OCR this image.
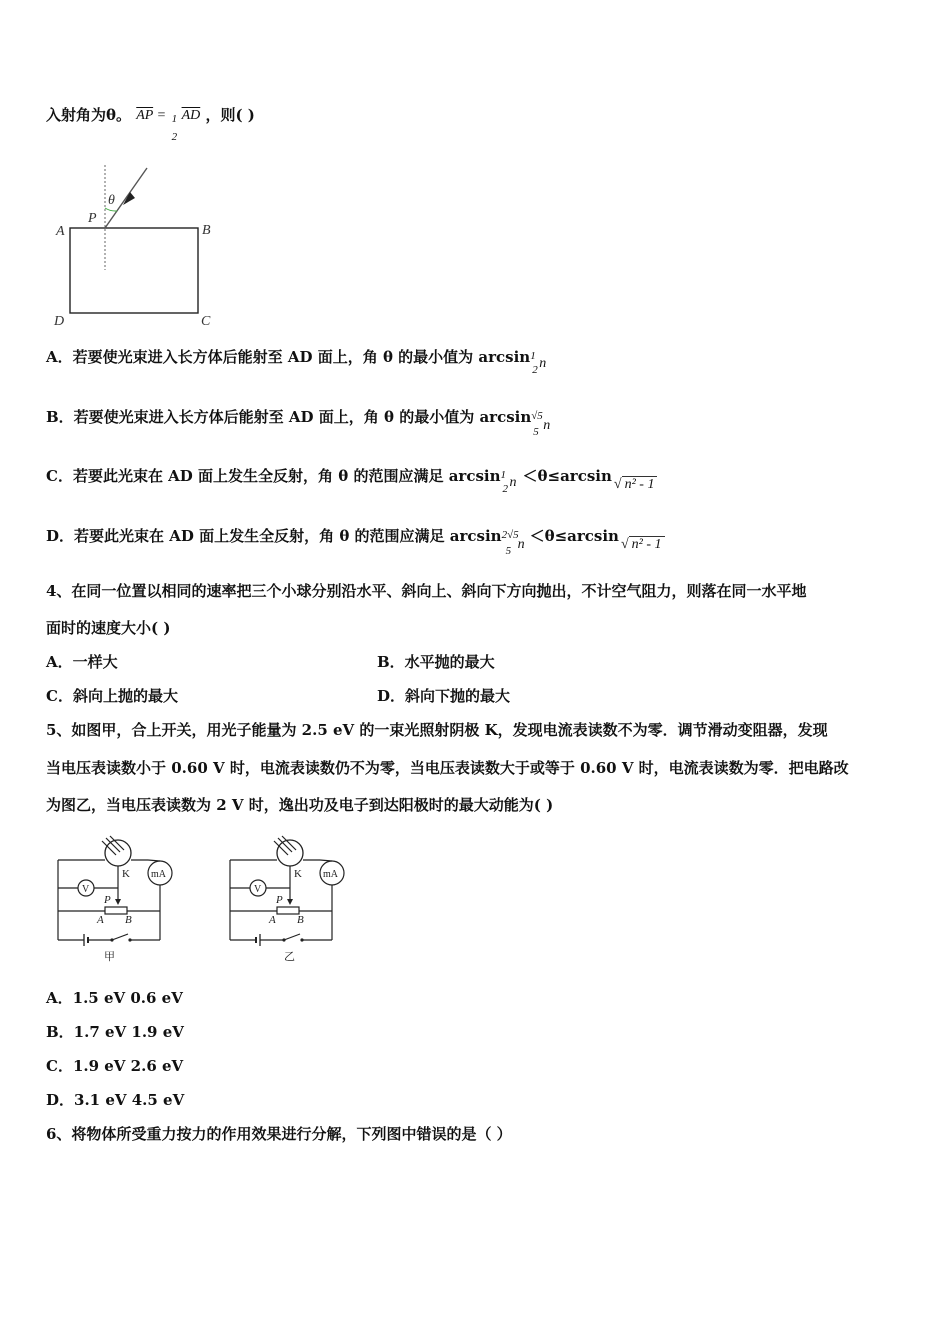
入射角为θ。 $\overline{AP} = 1$
2
$\overline{AD}$ ，则( )
θ
P
A	B
D	C
A．若要使光束进入长方体后能射至 AD 面上，角 θ 的最小值为 arcsin 1
2 n
B．若要使光束进入长方体后能射至 AD 面上，角 θ 的最小值为 arcsin √5
5 n
C．若要此光束在 AD 面上发生全反射，角 θ 的范围应满足 arcsin 1
2 n ＜θ≤arcsin √ n² - 1
D．若要此光束在 AD 面上发生全反射，角 θ 的范围应满足 arcsin 2√5
5 n ＜θ≤arcsin √ n² - 1
4、在同一位置以相同的速率把三个小球分别沿水平、斜向上、斜向下方向抛出，不计空气阻力，则落在同一水平地
面时的速度大小( )
A．一样大	B．水平抛的最大
C．斜向上抛的最大	D．斜向下抛的最大
5、如图甲，合上开关，用光子能量为 2.5 eV 的一束光照射阴极 K，发现电流表读数不为零．调节滑动变阻器，发现
当电压表读数小于 0.60 V 时，电流表读数仍不为零，当电压表读数大于或等于 0.60 V 时，电流表读数为零．把电路改
为图乙，当电压表读数为 2 V 时，逸出功及电子到达阳极时的最大动能为( )
K mA
V
P
A B
甲
K mA
V
P
A B
乙
A．1.5 eV 0.6 eV
B．1.7 eV 1.9 eV
C．1.9 eV 2.6 eV
D．3.1 eV 4.5 eV
6、将物体所受重力按力的作用效果进行分解，下列图中错误的是（ ）
